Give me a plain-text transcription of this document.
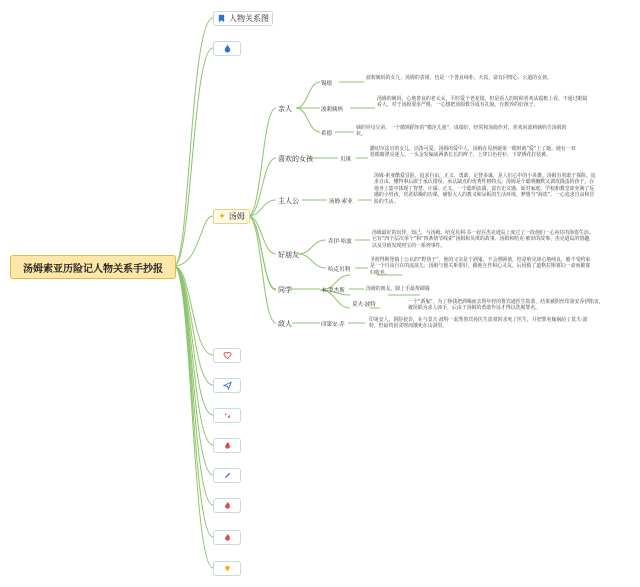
汤姆索亚历险记人物关系手抄报
人物关系图
✦ 汤姆
亲人
喜欢的女孩
主人公
好朋友
同学
敌人
锡德
波莉姨妈
希德
贝琪
汤姆·索亚
乔伊·哈波
哈克贝利
本·罗杰斯
莫夫·波特
印第安·乔
波莉姨妈的女儿，汤姆的表姐，也是一个善良纯朴、天真，富有同情心、公道的女孩。
汤姆的姨妈，心地善良的老太太，平时爱个老花镜，但是看人的时候喜欢从镜框上看，不通过眼镜看人，对于汤姆要求严格，一心想把汤姆教导成有礼貌，有教养的好孩子。
姨的异母兄弟，一个循规蹈矩的“模范儿童”，成绩好，经常和汤姆作对，喜欢向波莉姨妈告汤姆的状。
撒切尔法官的女儿，活泼可爱，汤姆的爱中人，汤姆在见到她第一眼时就“爱”上了她。她有一双蓝眼睛漂亮迷人，一头金发编成两条长长的辫子，上穿白色衬衫，下穿绣花打装裤。
汤姆·索亚酷爱冒险，追求自由，正义、勇敢，足智多谋，是人们心中的小英雄。汤姆有着敢于探险、追求自由、懂得事后敢于承认错误、承认缺点的优秀性格特点。汤姆是个聪明幽默又调皮捣蛋的孩子，在他身上集中体现了智慧、计谋、正义、一个聪明流淌，富有正义感、面对家庭、学校和教堂却充满了反感的小男孩，厌恶枯燥的功课，痛恨大人的教义和呆板的生活环境，梦想当“海盗”，一心追求自由和冒险的生活。
汤姆最好的玩伴，知己，与汤姆、哈克贝利·芬一起在杰克逊岛上度过了一段他们一心向往的海盗生活。它有“四个层次举个”和“四条情节线索”汤姆和贝琪的故事、汤姆和哈克·被审的故事、杰克逊岛的情趣，以及导致发现财宝的一系列事件。
圣彼得斯堡镇上公认的“野孩子”，他的父亲是个酒鬼，不会照顾他。但是哈克却心地纯良，豁不受约束是一个自由自在的流浪儿；汤姆与他关系要好，跟他互作和心灵友。后因救了道格拉斯寡妇一命而被寡妇收养。
汤姆的朋友，除上手最帮刷墙
一个“酒鬼”，为了挣钱把酒喝而去帮年轻的鲁宾逊医生盗墓，结果被阴丝印第安乔伊陷害，被误陷为杀人凶手，后由于汤姆的勇敢作证才得以洗脱罪名。
印第安人，阴险狡诈，在与莫夫·波特一起帮鲁宾孙医生盗墓时杀死了医生，并把罪名嫁祸给了莫夫·波特，但最终因贪财而饿死在山洞里。
